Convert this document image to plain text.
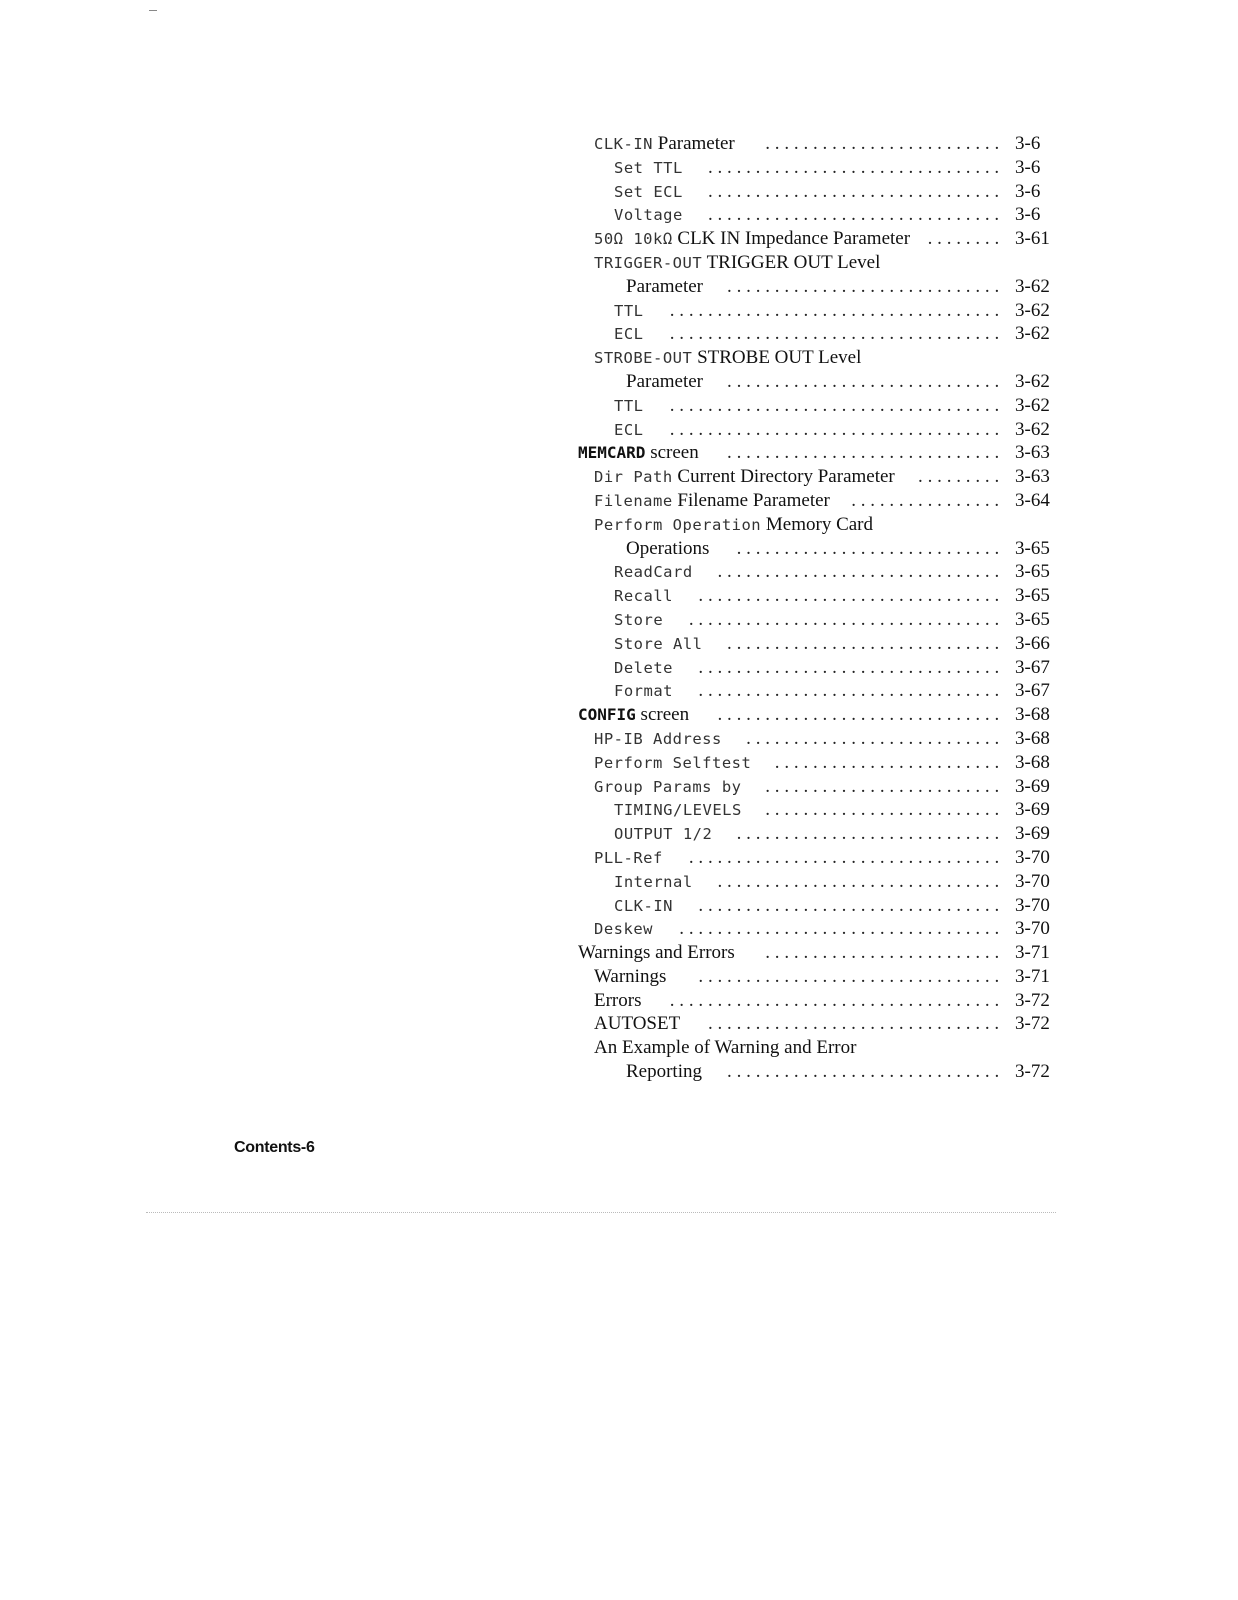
CLK-IN Parameter	......................... 3-6
Set TTL	............................... 3-6
Set ECL	............................... 3-6
Voltage	............................... 3-6
50Ω 10kΩ CLK IN Impedance Parameter ........ 3-61
TRIGGER-OUT TRIGGER OUT Level
Parameter	............................. 3-62
TTL	................................... 3-62
ECL	................................... 3-62
STROBE-OUT STROBE OUT Level
Parameter	............................. 3-62
TTL	................................... 3-62
ECL	................................... 3-62
MEMCARD screen	............................. 3-63
Dir Path Current Directory Parameter	......... 3-63
Filename Filename Parameter	................ 3-64
Perform Operation Memory Card
Operations	............................ 3-65
ReadCard	.............................. 3-65
Recall	................................ 3-65
Store	................................. 3-65
Store All	............................. 3-66
Delete	................................ 3-67
Format	................................ 3-67
CONFIG screen	.............................. 3-68
HP-IB Address	........................... 3-68
Perform Selftest	........................ 3-68
Group Params by	......................... 3-69
TIMING/LEVELS	......................... 3-69
OUTPUT 1/2	............................ 3-69
PLL-Ref	................................. 3-70
Internal	.............................. 3-70
CLK-IN	................................ 3-70
Deskew	.................................. 3-70
Warnings and Errors	......................... 3-71
Warnings	................................ 3-71
Errors	................................... 3-72
AUTOSET	............................... 3-72
An Example of Warning and Error
Reporting	............................. 3-72
Contents-6
